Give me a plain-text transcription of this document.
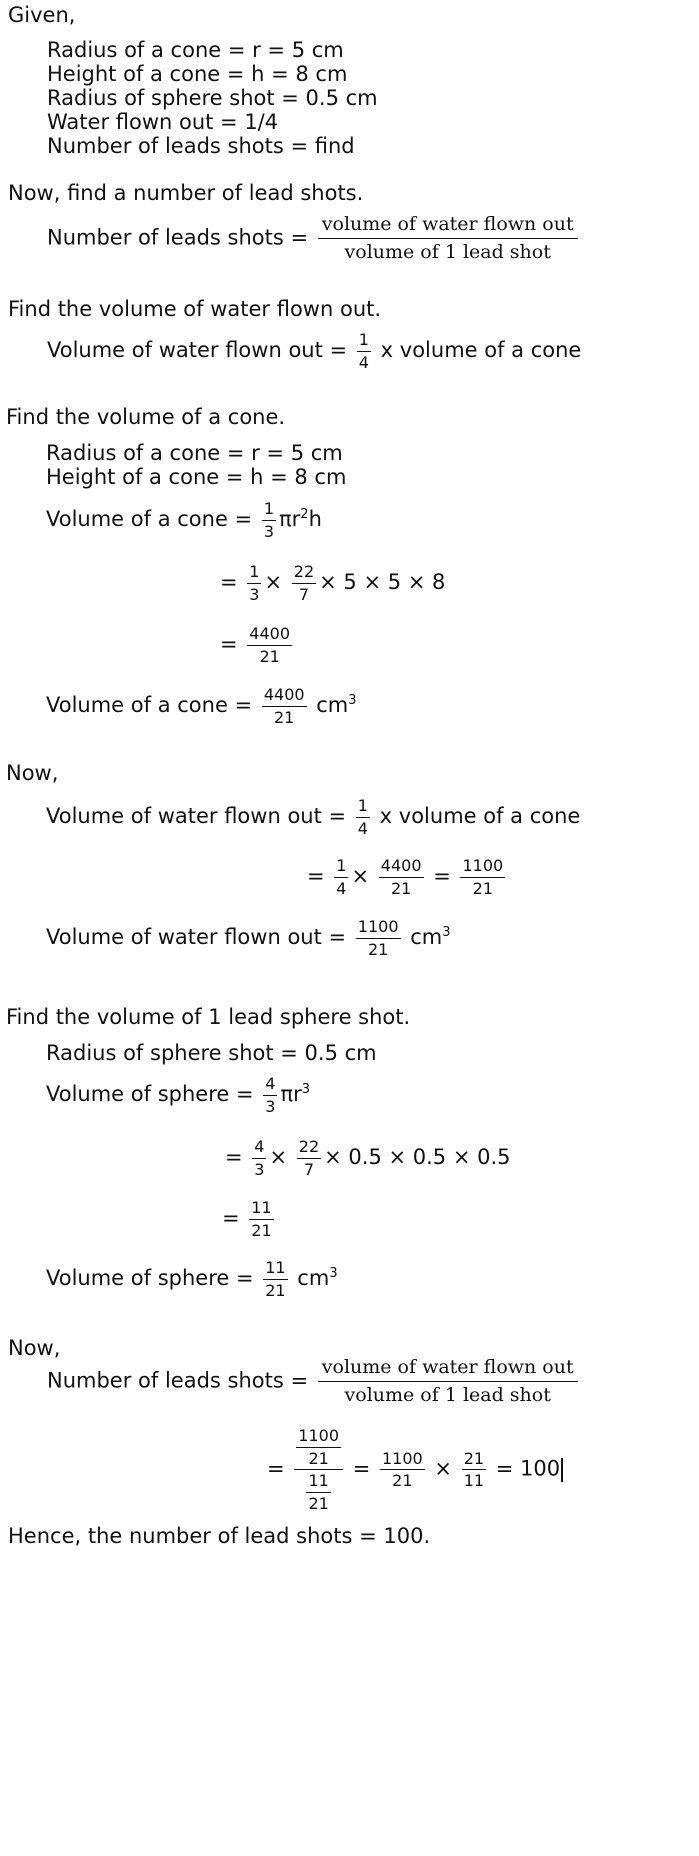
Given,
Radius of a cone = r = 5 cm
Height of a cone = h = 8 cm
Radius of sphere shot = 0.5 cm
Water flown out = 1/4
Number of leads shots = find
Now, find a number of lead shots.
Number of leads shots =
volume of water flown out
volume of 1 lead shot
Find the volume of water flown out.
Volume of water flown out = $\frac{1}{4}$ x volume of a cone
Find the volume of a cone.
Radius of a cone = r = 5 cm
Height of a cone = h = 8 cm
Volume of a cone = $\frac{1}{3} \pi r^2h$
= $\frac{1}{3} \times \frac{22}{7} \times 5 \times 5 \times 8$
= $\frac{4400}{21}$
Volume of a cone = $\frac{4400}{21} cm^3$
Now,
Volume of water flown out = $\frac{1}{4}$ x volume of a cone
= $\frac{1}{4} \times \frac{4400}{21} = \frac{1100}{21}$
Volume of water flown out = $\frac{1100}{21} cm^3$
Find the volume of 1 lead sphere shot.
Radius of sphere shot = 0.5 cm
Volume of sphere = $\frac{4}{3} \pi r^3$
= $\frac{4}{3} \times \frac{22}{7} \times 0.5 \times 0.5 \times 0.5$
= $\frac{11}{21}$
Volume of sphere = $\frac{11}{21} cm^3$
Now,
Number of leads shots =
volume of water flown out
volume of 1 lead shot
= $\frac{\frac{1100}{21}}{\frac{11}{21}} = \frac{1100}{21} \times \frac{21}{11} = 100$
Hence, the number of lead shots = 100.
